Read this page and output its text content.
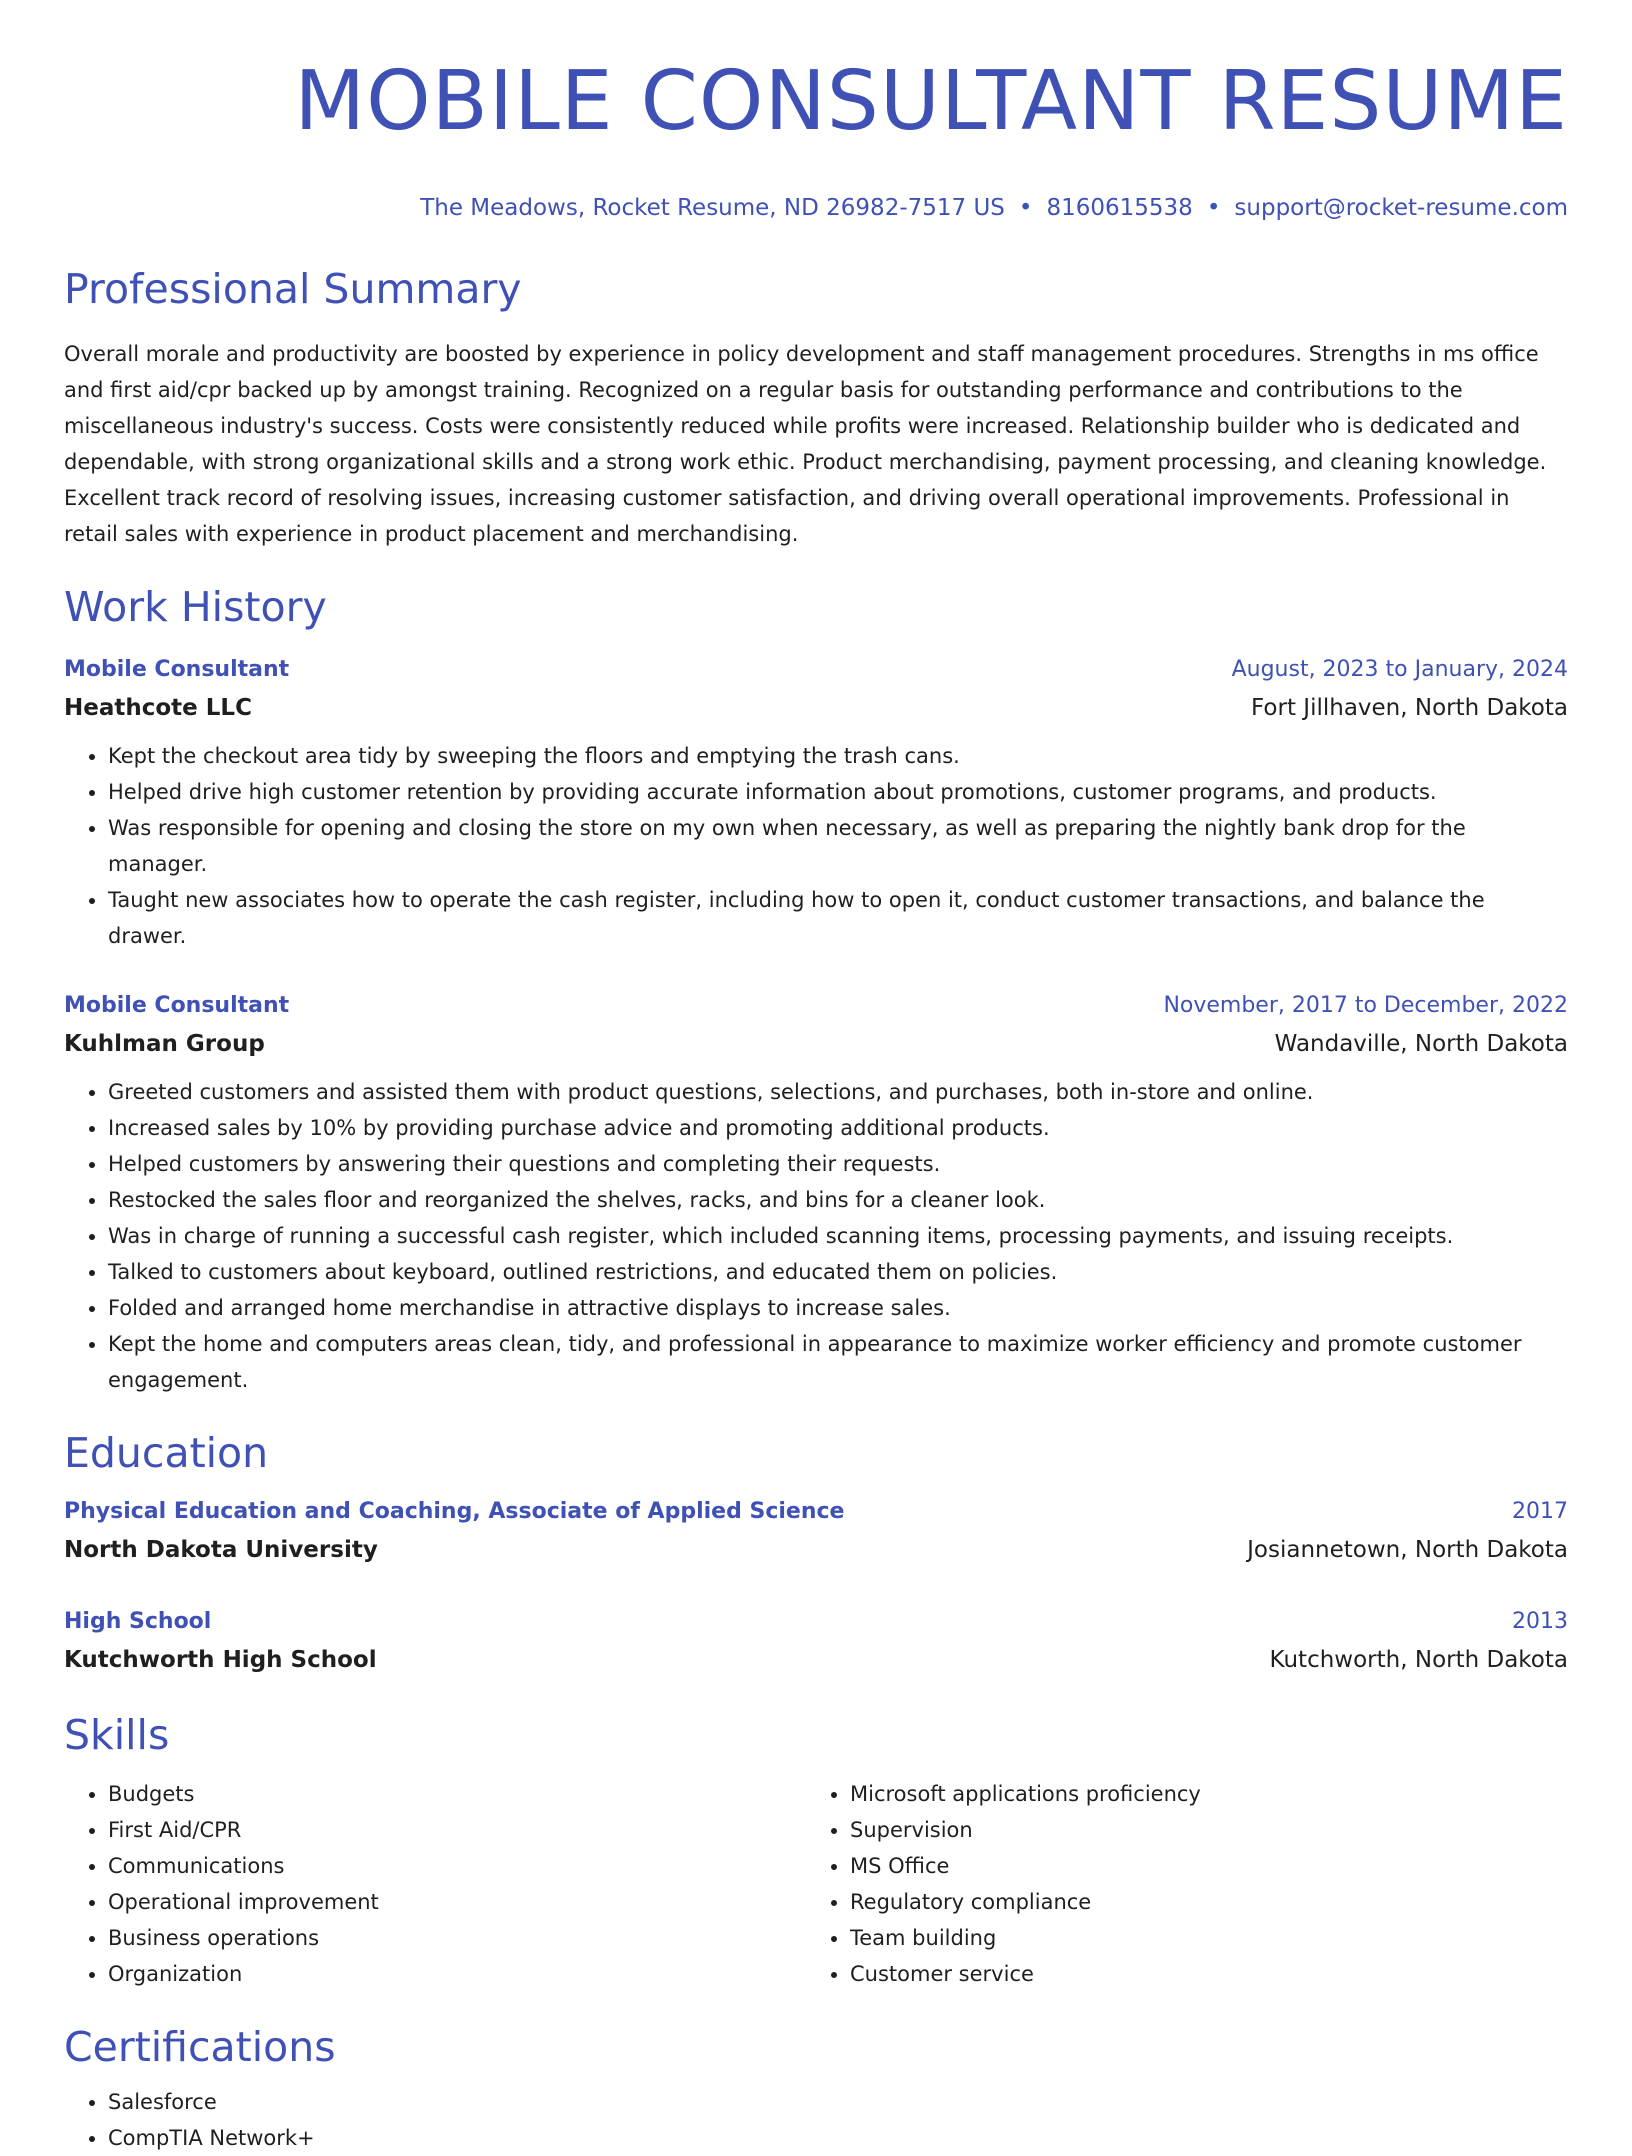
MOBILE CONSULTANT RESUME
The Meadows, Rocket Resume, ND 26982-7517 US • 8160615538 • support@rocket-resume.com
Professional Summary
Overall morale and productivity are boosted by experience in policy development and staff management procedures. Strengths in ms office and first aid/cpr backed up by amongst training. Recognized on a regular basis for outstanding performance and contributions to the miscellaneous industry's success. Costs were consistently reduced while profits were increased. Relationship builder who is dedicated and dependable, with strong organizational skills and a strong work ethic. Product merchandising, payment processing, and cleaning knowledge. Excellent track record of resolving issues, increasing customer satisfaction, and driving overall operational improvements. Professional in retail sales with experience in product placement and merchandising.
Work History
Mobile Consultant	August, 2023 to January, 2024
Heathcote LLC	Fort Jillhaven, North Dakota
• Kept the checkout area tidy by sweeping the floors and emptying the trash cans.
• Helped drive high customer retention by providing accurate information about promotions, customer programs, and products.
• Was responsible for opening and closing the store on my own when necessary, as well as preparing the nightly bank drop for the manager.
• Taught new associates how to operate the cash register, including how to open it, conduct customer transactions, and balance the drawer.
Mobile Consultant	November, 2017 to December, 2022
Kuhlman Group	Wandaville, North Dakota
• Greeted customers and assisted them with product questions, selections, and purchases, both in-store and online.
• Increased sales by 10% by providing purchase advice and promoting additional products.
• Helped customers by answering their questions and completing their requests.
• Restocked the sales floor and reorganized the shelves, racks, and bins for a cleaner look.
• Was in charge of running a successful cash register, which included scanning items, processing payments, and issuing receipts.
• Talked to customers about keyboard, outlined restrictions, and educated them on policies.
• Folded and arranged home merchandise in attractive displays to increase sales.
• Kept the home and computers areas clean, tidy, and professional in appearance to maximize worker efficiency and promote customer engagement.
Education
Physical Education and Coaching, Associate of Applied Science	2017
North Dakota University	Josiannetown, North Dakota
High School	2013
Kutchworth High School	Kutchworth, North Dakota
Skills
• Budgets
• First Aid/CPR
• Communications
• Operational improvement
• Business operations
• Organization
• Microsoft applications proficiency
• Supervision
• MS Office
• Regulatory compliance
• Team building
• Customer service
Certifications
• Salesforce
• CompTIA Network+
